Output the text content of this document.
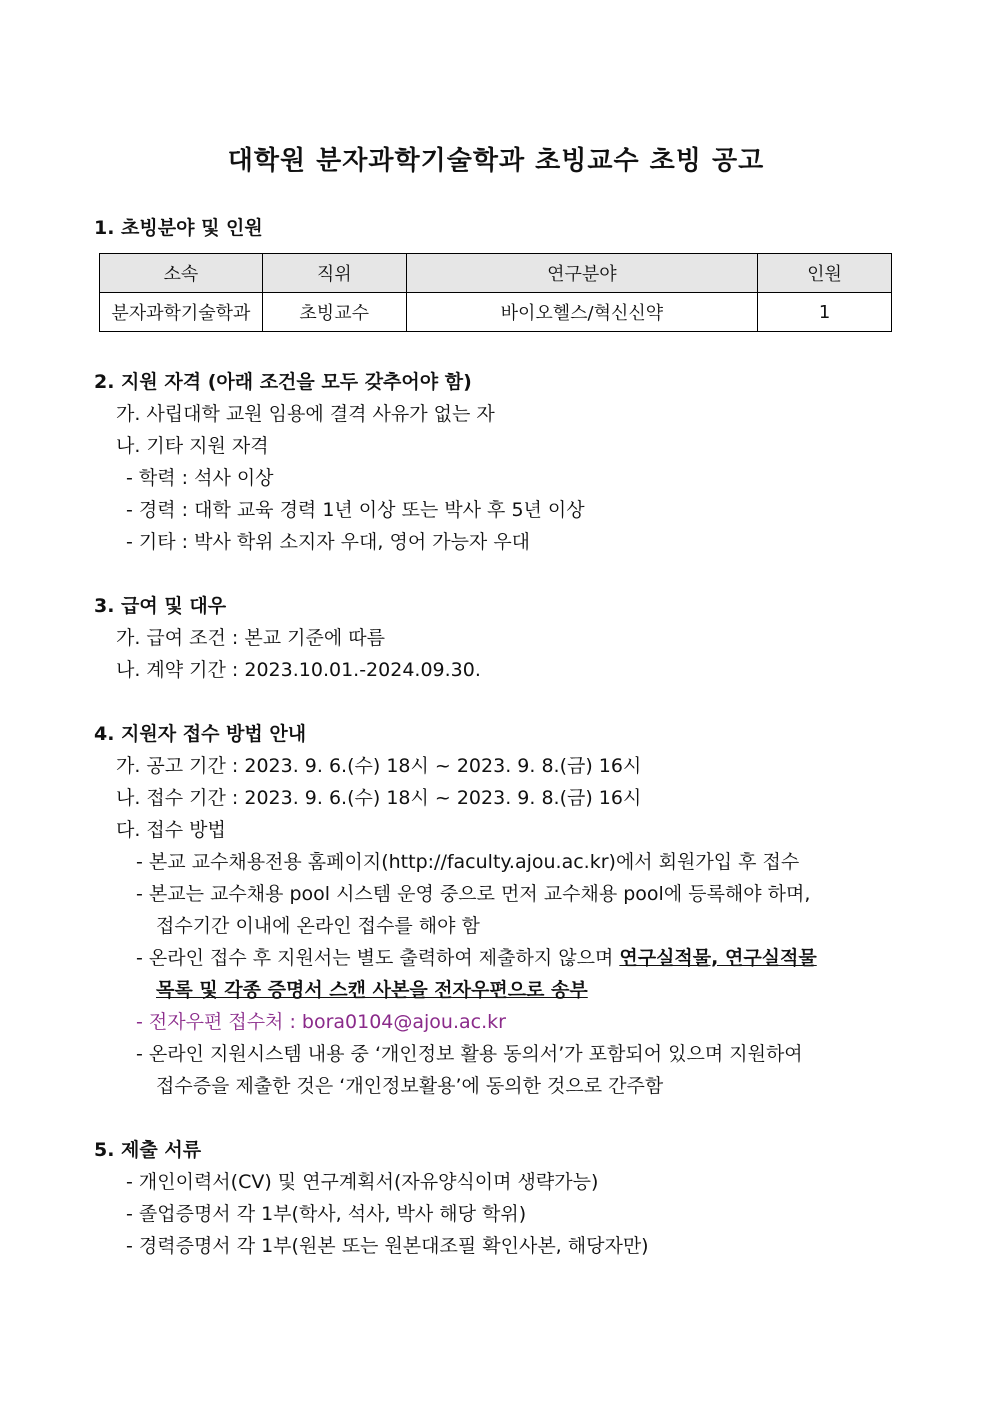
대학원 분자과학기술학과 초빙교수 초빙 공고
1. 초빙분야 및 인원
소속	직위	연구분야	인원
분자과학기술학과	초빙교수	바이오헬스/혁신신약	1
2. 지원 자격 (아래 조건을 모두 갖추어야 함)
가. 사립대학 교원 임용에 결격 사유가 없는 자
나. 기타 지원 자격
- 학력 : 석사 이상
- 경력 : 대학 교육 경력 1년 이상 또는 박사 후 5년 이상
- 기타 : 박사 학위 소지자 우대, 영어 가능자 우대
3. 급여 및 대우
가. 급여 조건 : 본교 기준에 따름
나. 계약 기간 : 2023.10.01.-2024.09.30.
4. 지원자 접수 방법 안내
가. 공고 기간 : 2023. 9. 6.(수) 18시 ~ 2023. 9. 8.(금) 16시
나. 접수 기간 : 2023. 9. 6.(수) 18시 ~ 2023. 9. 8.(금) 16시
다. 접수 방법
- 본교 교수채용전용 홈페이지(http://faculty.ajou.ac.kr)에서 회원가입 후 접수
- 본교는 교수채용 pool 시스템 운영 중으로 먼저 교수채용 pool에 등록해야 하며,
접수기간 이내에 온라인 접수를 해야 함
- 온라인 접수 후 지원서는 별도 출력하여 제출하지 않으며 연구실적물, 연구실적물
목록 및 각종 증명서 스캔 사본을 전자우편으로 송부
- 전자우편 접수처 : bora0104@ajou.ac.kr
- 온라인 지원시스템 내용 중 ‘개인정보 활용 동의서’가 포함되어 있으며 지원하여
접수증을 제출한 것은 ‘개인정보활용’에 동의한 것으로 간주함
5. 제출 서류
- 개인이력서(CV) 및 연구계획서(자유양식이며 생략가능)
- 졸업증명서 각 1부(학사, 석사, 박사 해당 학위)
- 경력증명서 각 1부(원본 또는 원본대조필 확인사본, 해당자만)
